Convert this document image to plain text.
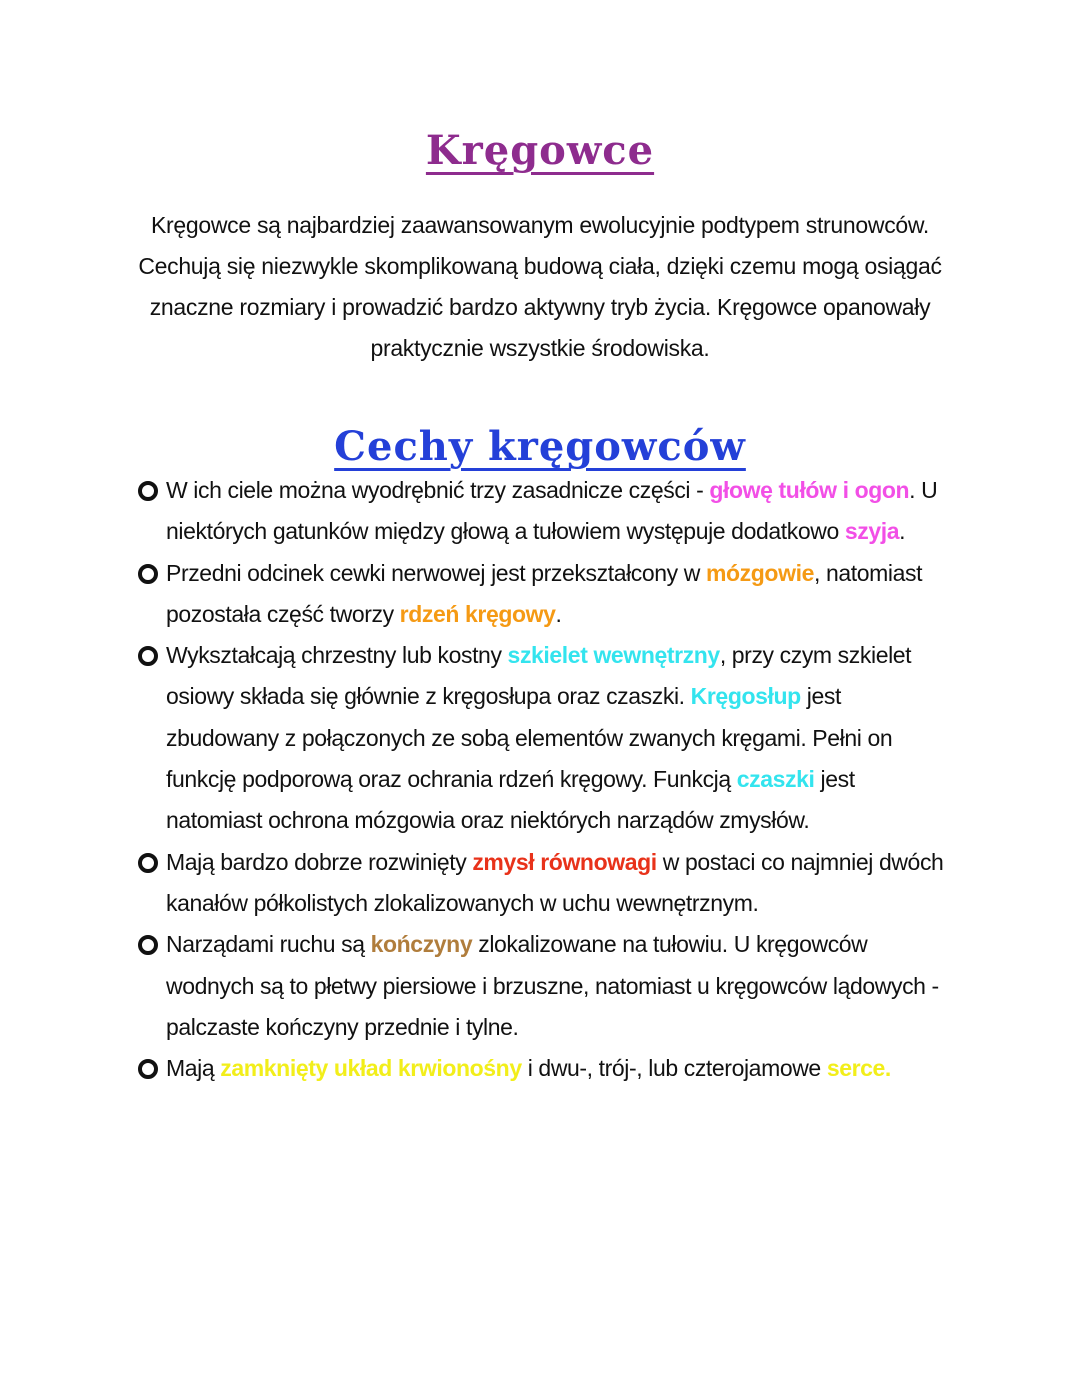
Kręgowce

Kręgowce są najbardziej zaawansowanym ewolucyjnie podtypem strunowców. Cechują się niezwykle skomplikowaną budową ciała, dzięki czemu mogą osiągać znaczne rozmiary i prowadzić bardzo aktywny tryb życia. Kręgowce opanowały praktycznie wszystkie środowiska.

Cechy kręgowców
W ich ciele można wyodrębnić trzy zasadnicze części - głowę tułów i ogon. U niektórych gatunków między głową a tułowiem występuje dodatkowo szyja.
Przedni odcinek cewki nerwowej jest przekształcony w mózgowie, natomiast pozostała część tworzy rdzeń kręgowy.
Wykształcają chrzestny lub kostny szkielet wewnętrzny, przy czym szkielet osiowy składa się głównie z kręgosłupa oraz czaszki. Kręgosłup jest zbudowany z połączonych ze sobą elementów zwanych kręgami. Pełni on funkcję podporową oraz ochrania rdzeń kręgowy. Funkcją czaszki jest natomiast ochrona mózgowia oraz niektórych narządów zmysłów.
Mają bardzo dobrze rozwinięty zmysł równowagi w postaci co najmniej dwóch kanałów półkolistych zlokalizowanych w uchu wewnętrznym.
Narządami ruchu są kończyny zlokalizowane na tułowiu. U kręgowców wodnych są to płetwy piersiowe i brzuszne, natomiast u kręgowców lądowych - palczaste kończyny przednie i tylne.
Mają zamknięty układ krwionośny i dwu-, trój-, lub czterojamowe serce.
